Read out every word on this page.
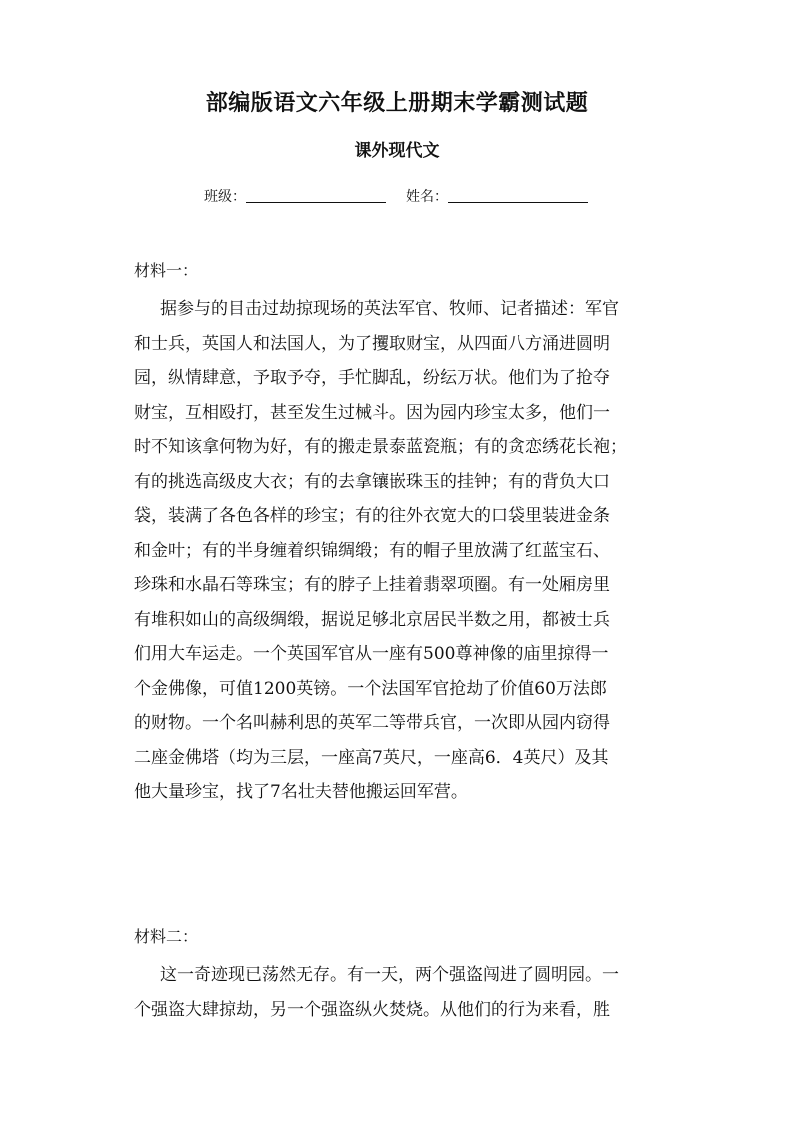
部编版语文六年级上册期末学霸测试题
课外现代文
班级：	姓名：
材料一：
据参与的目击过劫掠现场的英法军官、牧师、记者描述：军官
和士兵，英国人和法国人，为了攫取财宝，从四面八方涌进圆明
园，纵情肆意，予取予夺，手忙脚乱，纷纭万状。他们为了抢夺
财宝，互相殴打，甚至发生过械斗。因为园内珍宝太多，他们一
时不知该拿何物为好，有的搬走景泰蓝瓷瓶；有的贪恋绣花长袍；
有的挑选高级皮大衣；有的去拿镶嵌珠玉的挂钟；有的背负大口
袋，装满了各色各样的珍宝；有的往外衣宽大的口袋里装进金条
和金叶；有的半身缠着织锦绸缎；有的帽子里放满了红蓝宝石、
珍珠和水晶石等珠宝；有的脖子上挂着翡翠项圈。有一处厢房里
有堆积如山的高级绸缎，据说足够北京居民半数之用，都被士兵
们用大车运走。一个英国军官从一座有500尊神像的庙里掠得一
个金佛像，可值1200英镑。一个法国军官抢劫了价值60万法郎
的财物。一个名叫赫利思的英军二等带兵官，一次即从园内窃得
二座金佛塔（均为三层，一座高7英尺，一座高6．4英尺）及其
他大量珍宝，找了7名壮夫替他搬运回军营。
材料二：
这一奇迹现已荡然无存。有一天，两个强盗闯进了圆明园。一
个强盗大肆掠劫，另一个强盗纵火焚烧。从他们的行为来看，胜
